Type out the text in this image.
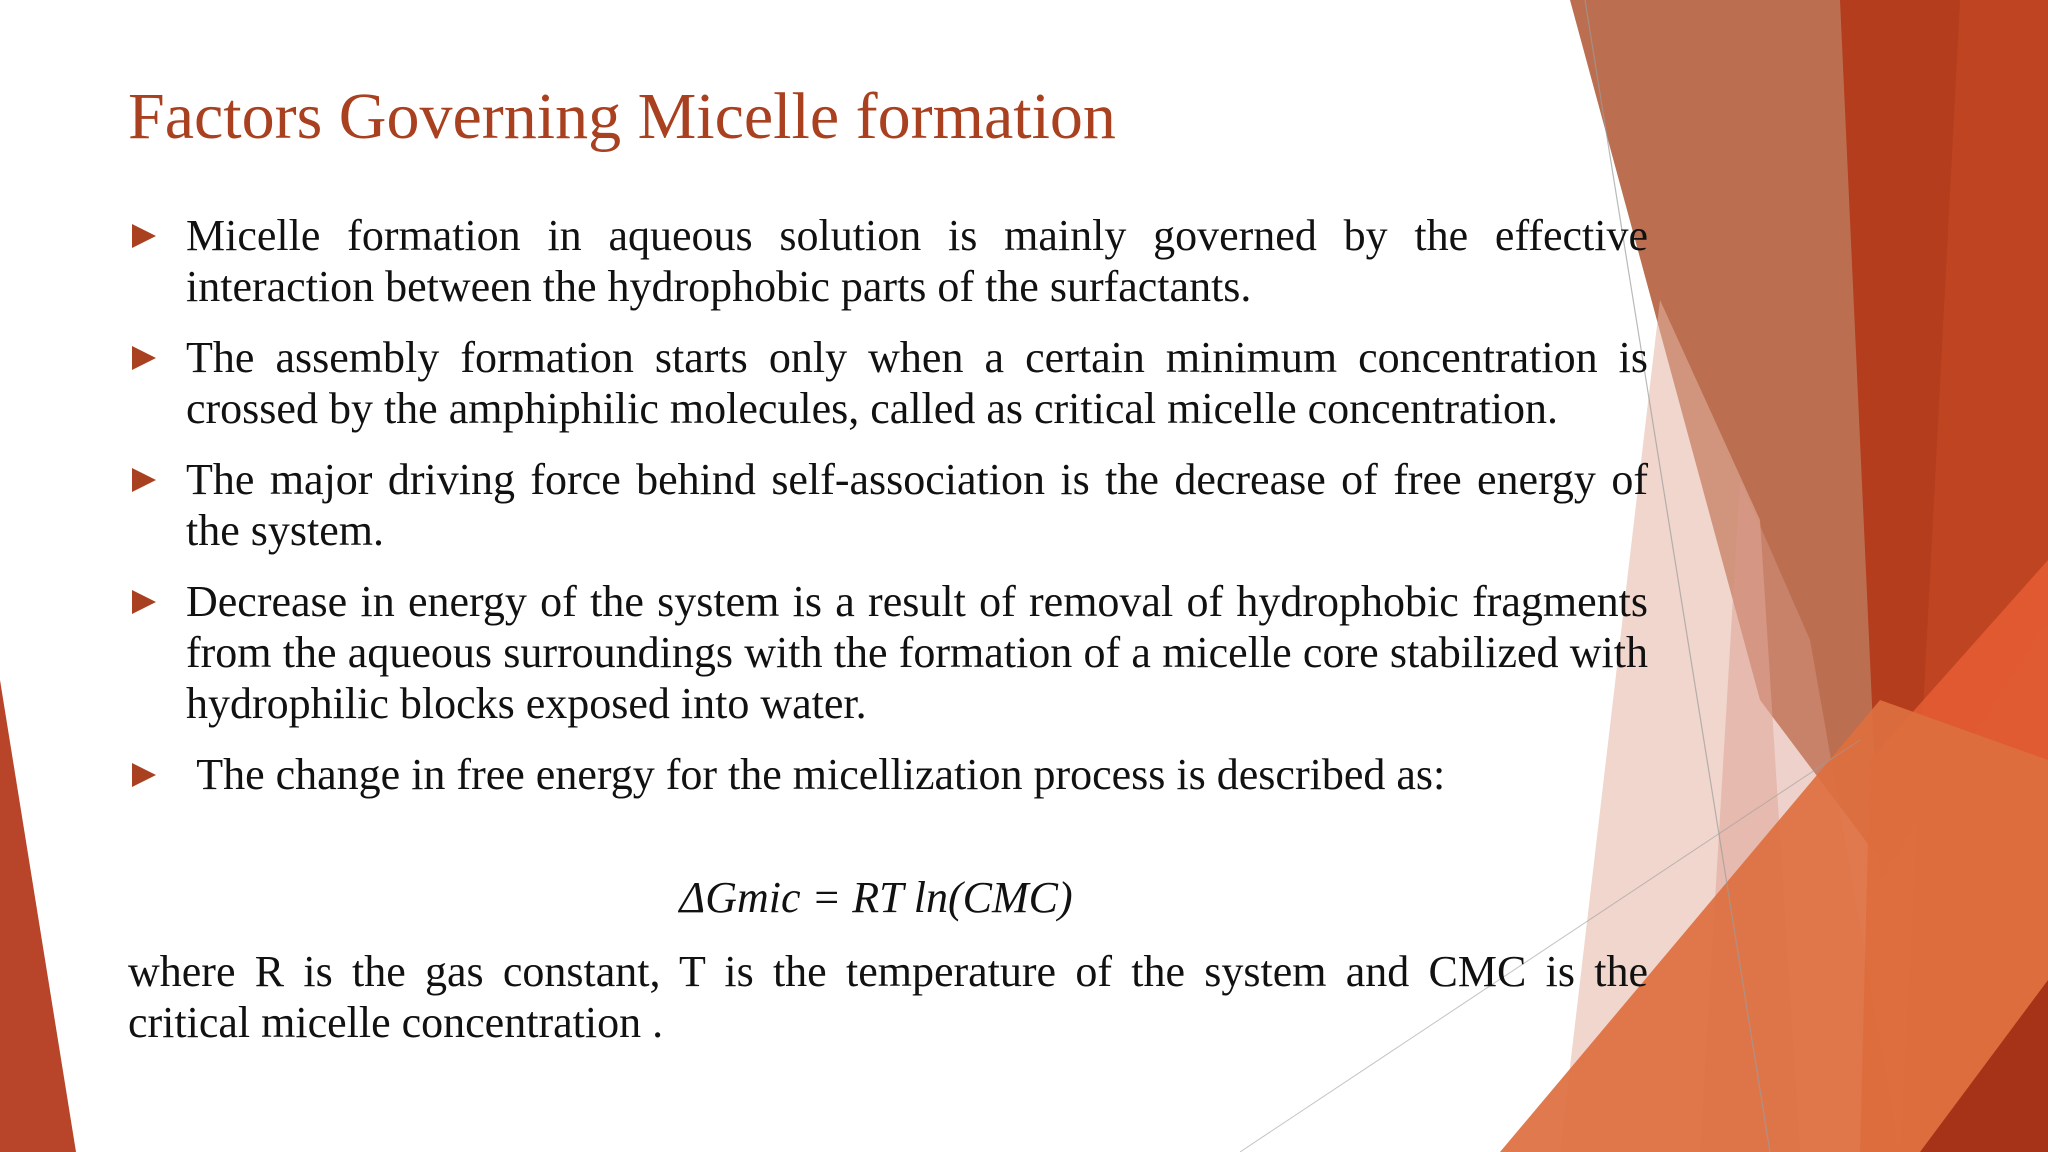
Factors Governing Micelle formation
Micelle formation in aqueous solution is mainly governed by the effective interaction between the hydrophobic parts of the surfactants.
The assembly formation starts only when a certain minimum concentration is crossed by the amphiphilic molecules, called as critical micelle concentration.
The major driving force behind self-association is the decrease of free energy of the system.
Decrease in energy of the system is a result of removal of hydrophobic fragments from the aqueous surroundings with the formation of a micelle core stabilized with hydrophilic blocks exposed into water.
The change in free energy for the micellization process is described as:
ΔGmic = RT ln(CMC)

where R is the gas constant, T is the temperature of the system and CMC is the critical micelle concentration .
